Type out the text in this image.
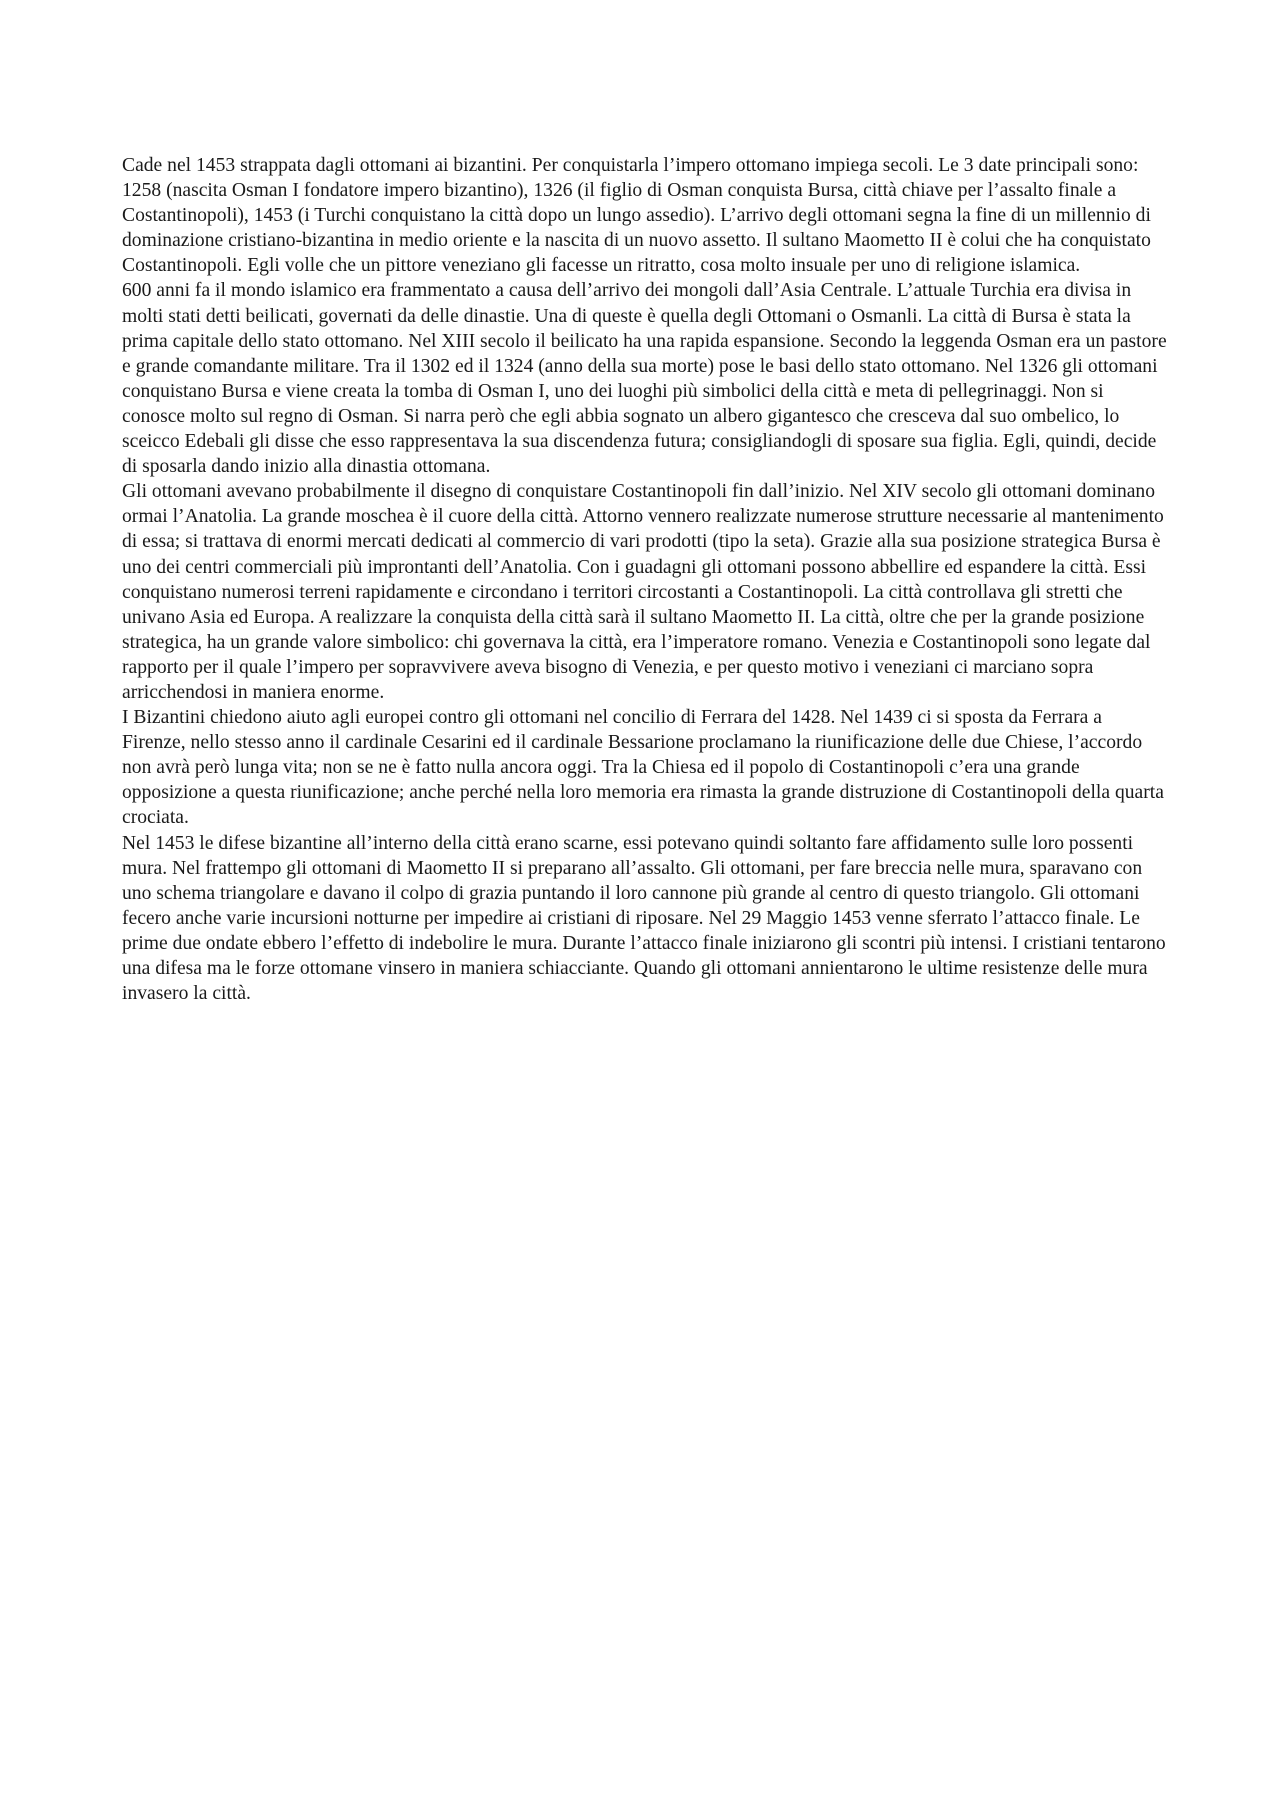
Cade nel 1453 strappata dagli ottomani ai bizantini. Per conquistarla l’impero ottomano impiega secoli. Le 3 date principali sono: 1258 (nascita Osman I fondatore impero bizantino), 1326 (il figlio di Osman conquista Bursa, città chiave per l’assalto finale a Costantinopoli), 1453 (i Turchi conquistano la città dopo un lungo assedio). L’arrivo degli ottomani segna la fine di un millennio di dominazione cristiano-bizantina in medio oriente e la nascita di un nuovo assetto. Il sultano Maometto II è colui che ha conquistato Costantinopoli. Egli volle che un pittore veneziano gli facesse un ritratto, cosa molto insuale per uno di religione islamica.

600 anni fa il mondo islamico era frammentato a causa dell’arrivo dei mongoli dall’Asia Centrale. L’attuale Turchia era divisa in molti stati detti beilicati, governati da delle dinastie. Una di queste è quella degli Ottomani o Osmanli. La città di Bursa è stata la prima capitale dello stato ottomano. Nel XIII secolo il beilicato ha una rapida espansione. Secondo la leggenda Osman era un pastore e grande comandante militare. Tra il 1302 ed il 1324 (anno della sua morte) pose le basi dello stato ottomano. Nel 1326 gli ottomani conquistano Bursa e viene creata la tomba di Osman I, uno dei luoghi più simbolici della città e meta di pellegrinaggi. Non si conosce molto sul regno di Osman. Si narra però che egli abbia sognato un albero gigantesco che cresceva dal suo ombelico, lo sceicco Edebali gli disse che esso rappresentava la sua discendenza futura; consigliandogli di sposare sua figlia. Egli, quindi, decide di sposarla dando inizio alla dinastia ottomana.

Gli ottomani avevano probabilmente il disegno di conquistare Costantinopoli fin dall’inizio. Nel XIV secolo gli ottomani dominano ormai l’Anatolia. La grande moschea è il cuore della città. Attorno vennero realizzate numerose strutture necessarie al mantenimento di essa; si trattava di enormi mercati dedicati al commercio di vari prodotti (tipo la seta). Grazie alla sua posizione strategica Bursa è uno dei centri commerciali più improntanti dell’Anatolia. Con i guadagni gli ottomani possono abbellire ed espandere la città. Essi conquistano numerosi terreni rapidamente e circondano i territori circostanti a Costantinopoli. La città controllava gli stretti che univano Asia ed Europa. A realizzare la conquista della città sarà il sultano Maometto II. La città, oltre che per la grande posizione strategica, ha un grande valore simbolico: chi governava la città, era l’imperatore romano. Venezia e Costantinopoli sono legate dal rapporto per il quale l’impero per sopravvivere aveva bisogno di Venezia, e per questo motivo i veneziani ci marciano sopra arricchendosi in maniera enorme.

I Bizantini chiedono aiuto agli europei contro gli ottomani nel concilio di Ferrara del 1428. Nel 1439 ci si sposta da Ferrara a Firenze, nello stesso anno il cardinale Cesarini ed il cardinale Bessarione proclamano la riunificazione delle due Chiese, l’accordo non avrà però lunga vita; non se ne è fatto nulla ancora oggi. Tra la Chiesa ed il popolo di Costantinopoli c’era una grande opposizione a questa riunificazione; anche perché nella loro memoria era rimasta la grande distruzione di Costantinopoli della quarta crociata.

Nel 1453 le difese bizantine all’interno della città erano scarne, essi potevano quindi soltanto fare affidamento sulle loro possenti mura. Nel frattempo gli ottomani di Maometto II si preparano all’assalto. Gli ottomani, per fare breccia nelle mura, sparavano con uno schema triangolare e davano il colpo di grazia puntando il loro cannone più grande al centro di questo triangolo. Gli ottomani fecero anche varie incursioni notturne per impedire ai cristiani di riposare. Nel 29 Maggio 1453 venne sferrato l’attacco finale. Le prime due ondate ebbero l’effetto di indebolire le mura. Durante l’attacco finale iniziarono gli scontri più intensi. I cristiani tentarono una difesa ma le forze ottomane vinsero in maniera schiacciante. Quando gli ottomani annientarono le ultime resistenze delle mura invasero la città.
